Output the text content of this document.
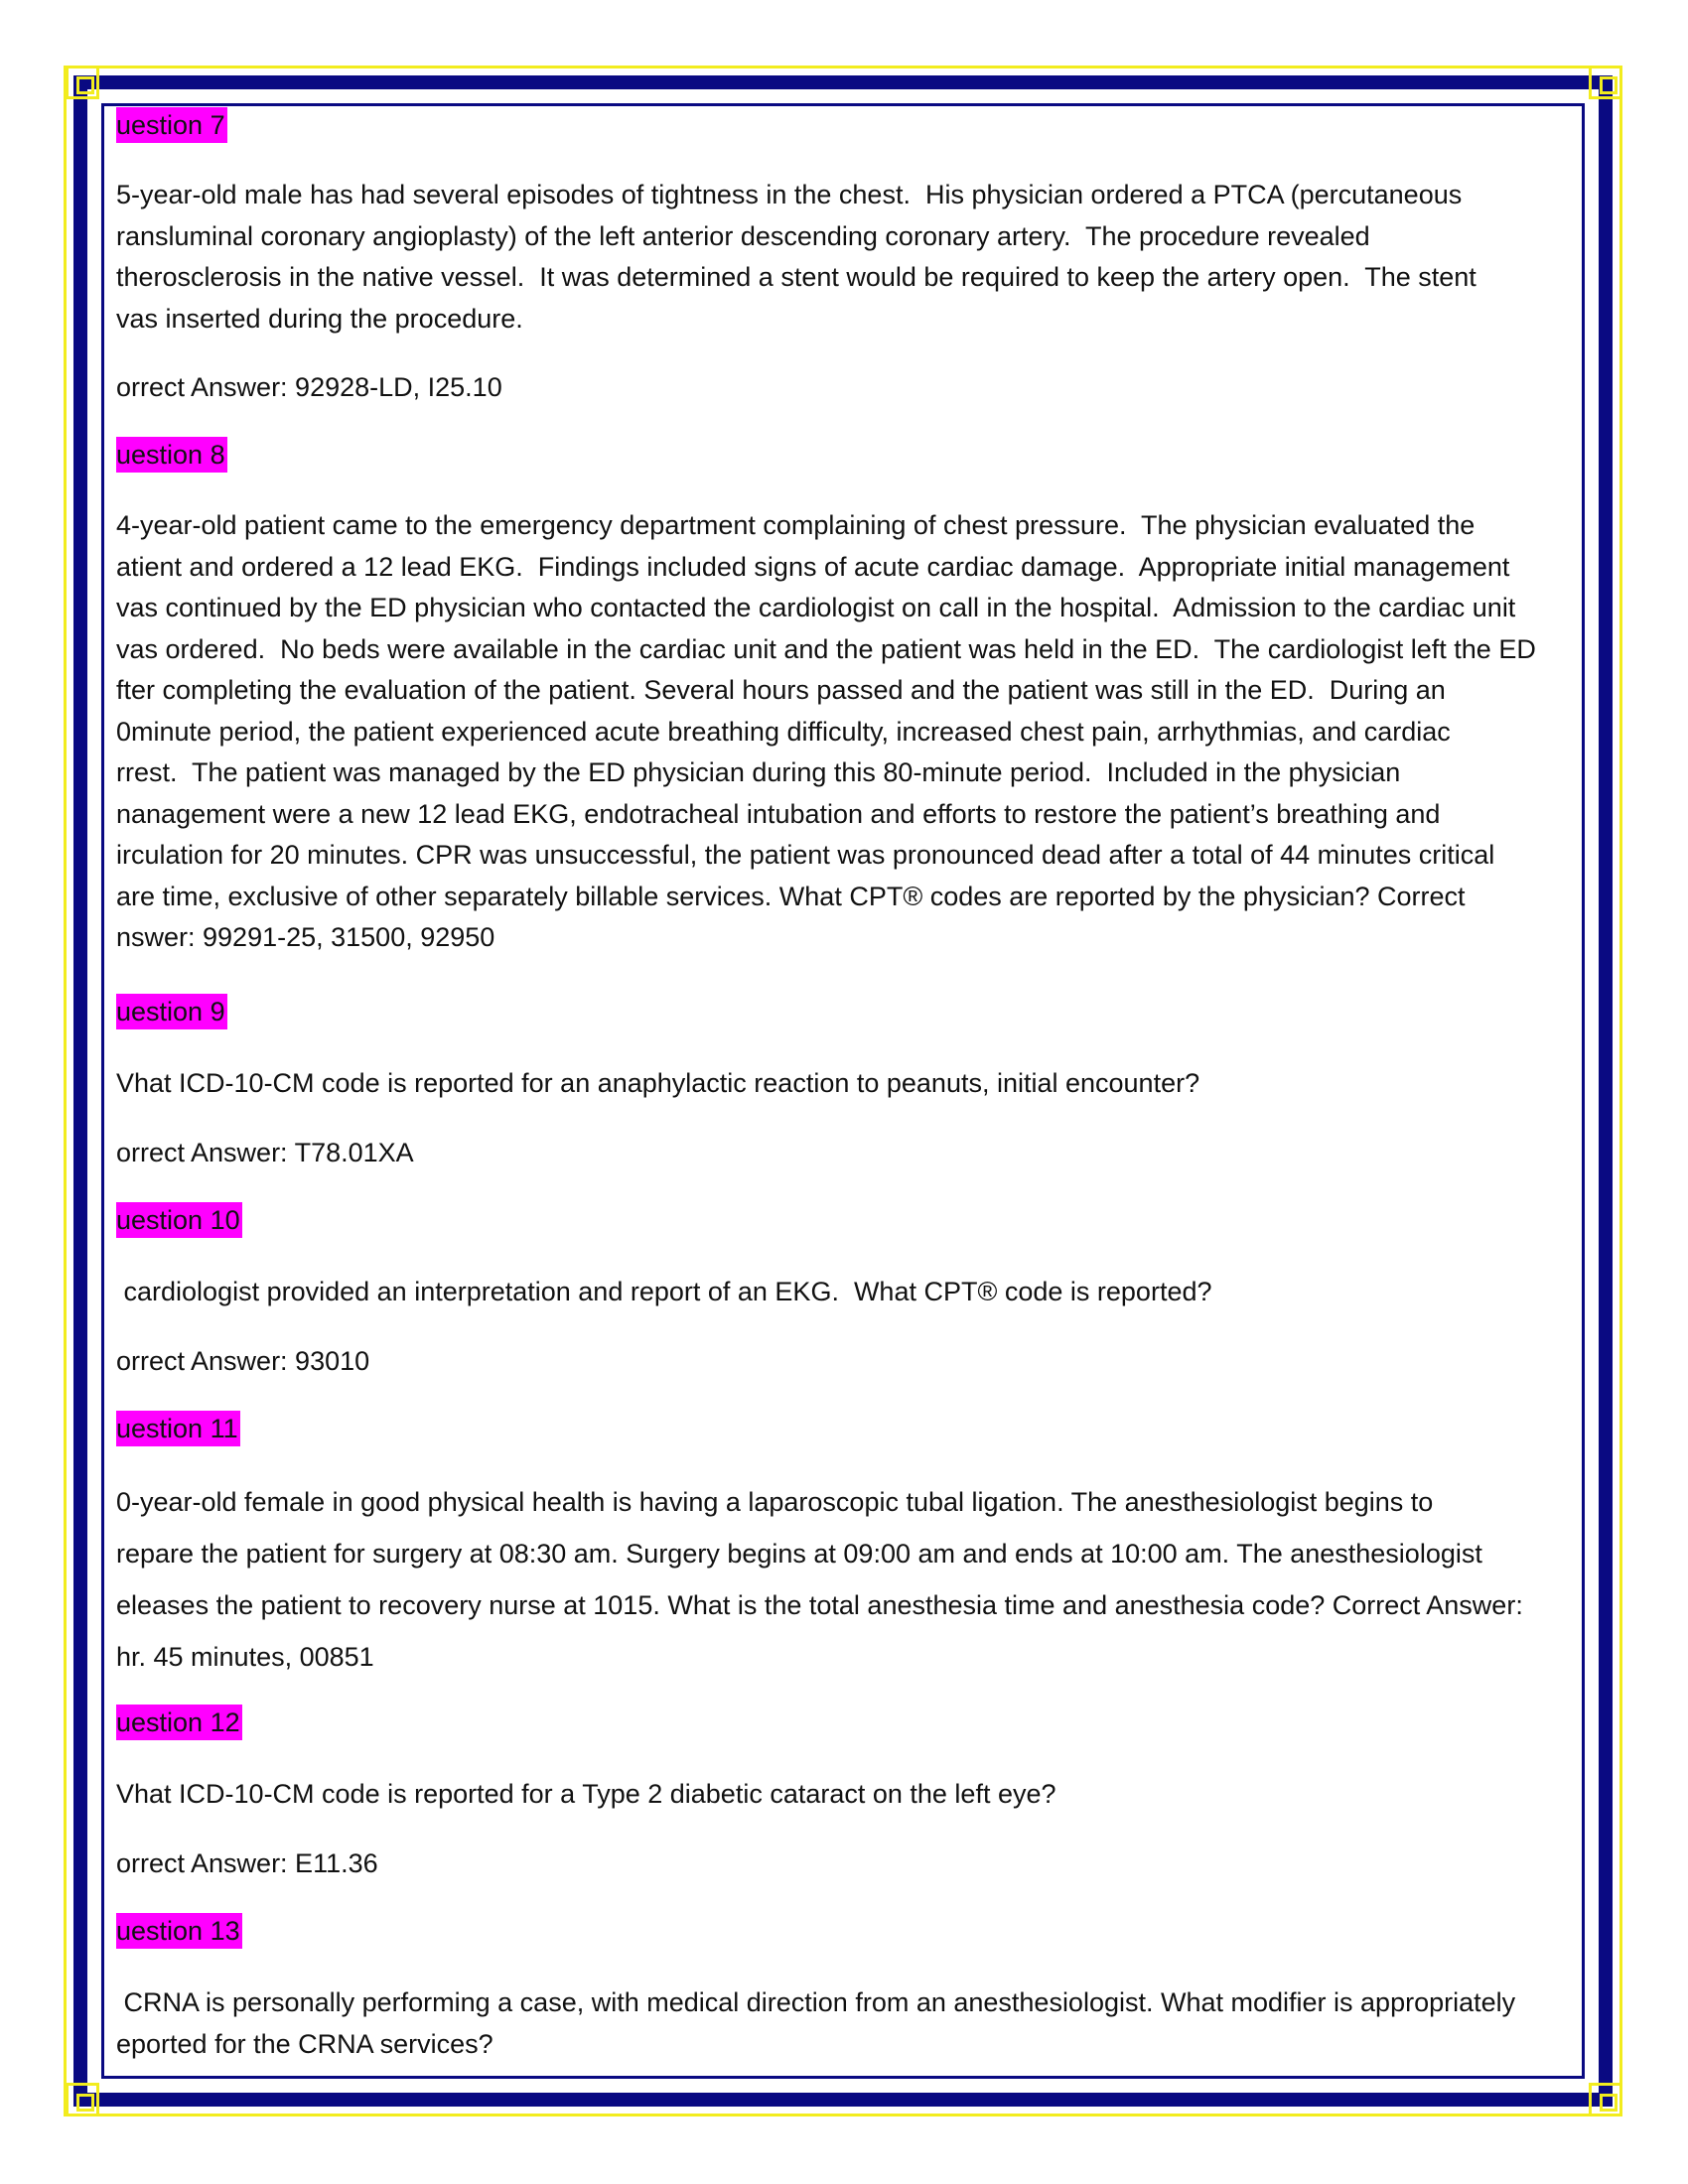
uestion 7

5-year-old male has had several episodes of tightness in the chest.  His physician ordered a PTCA (percutaneous
ransluminal coronary angioplasty) of the left anterior descending coronary artery.  The procedure revealed
therosclerosis in the native vessel.  It was determined a stent would be required to keep the artery open.  The stent
vas inserted during the procedure.

orrect Answer: 92928-LD, I25.10

uestion 8

4-year-old patient came to the emergency department complaining of chest pressure.  The physician evaluated the
atient and ordered a 12 lead EKG.  Findings included signs of acute cardiac damage.  Appropriate initial management
vas continued by the ED physician who contacted the cardiologist on call in the hospital.  Admission to the cardiac unit
vas ordered.  No beds were available in the cardiac unit and the patient was held in the ED.  The cardiologist left the ED
fter completing the evaluation of the patient. Several hours passed and the patient was still in the ED.  During an
0minute period, the patient experienced acute breathing difficulty, increased chest pain, arrhythmias, and cardiac
rrest.  The patient was managed by the ED physician during this 80-minute period.  Included in the physician
nanagement were a new 12 lead EKG, endotracheal intubation and efforts to restore the patient’s breathing and
irculation for 20 minutes. CPR was unsuccessful, the patient was pronounced dead after a total of 44 minutes critical
are time, exclusive of other separately billable services. What CPT® codes are reported by the physician? Correct
nswer: 99291-25, 31500, 92950

uestion 9

Vhat ICD-10-CM code is reported for an anaphylactic reaction to peanuts, initial encounter?

orrect Answer: T78.01XA

uestion 10

cardiologist provided an interpretation and report of an EKG.  What CPT® code is reported?

orrect Answer: 93010

uestion 11

0-year-old female in good physical health is having a laparoscopic tubal ligation. The anesthesiologist begins to
repare the patient for surgery at 08:30 am. Surgery begins at 09:00 am and ends at 10:00 am. The anesthesiologist
eleases the patient to recovery nurse at 1015. What is the total anesthesia time and anesthesia code? Correct Answer:
hr. 45 minutes, 00851

uestion 12

Vhat ICD-10-CM code is reported for a Type 2 diabetic cataract on the left eye?

orrect Answer: E11.36

uestion 13

CRNA is personally performing a case, with medical direction from an anesthesiologist. What modifier is appropriately
eported for the CRNA services?
